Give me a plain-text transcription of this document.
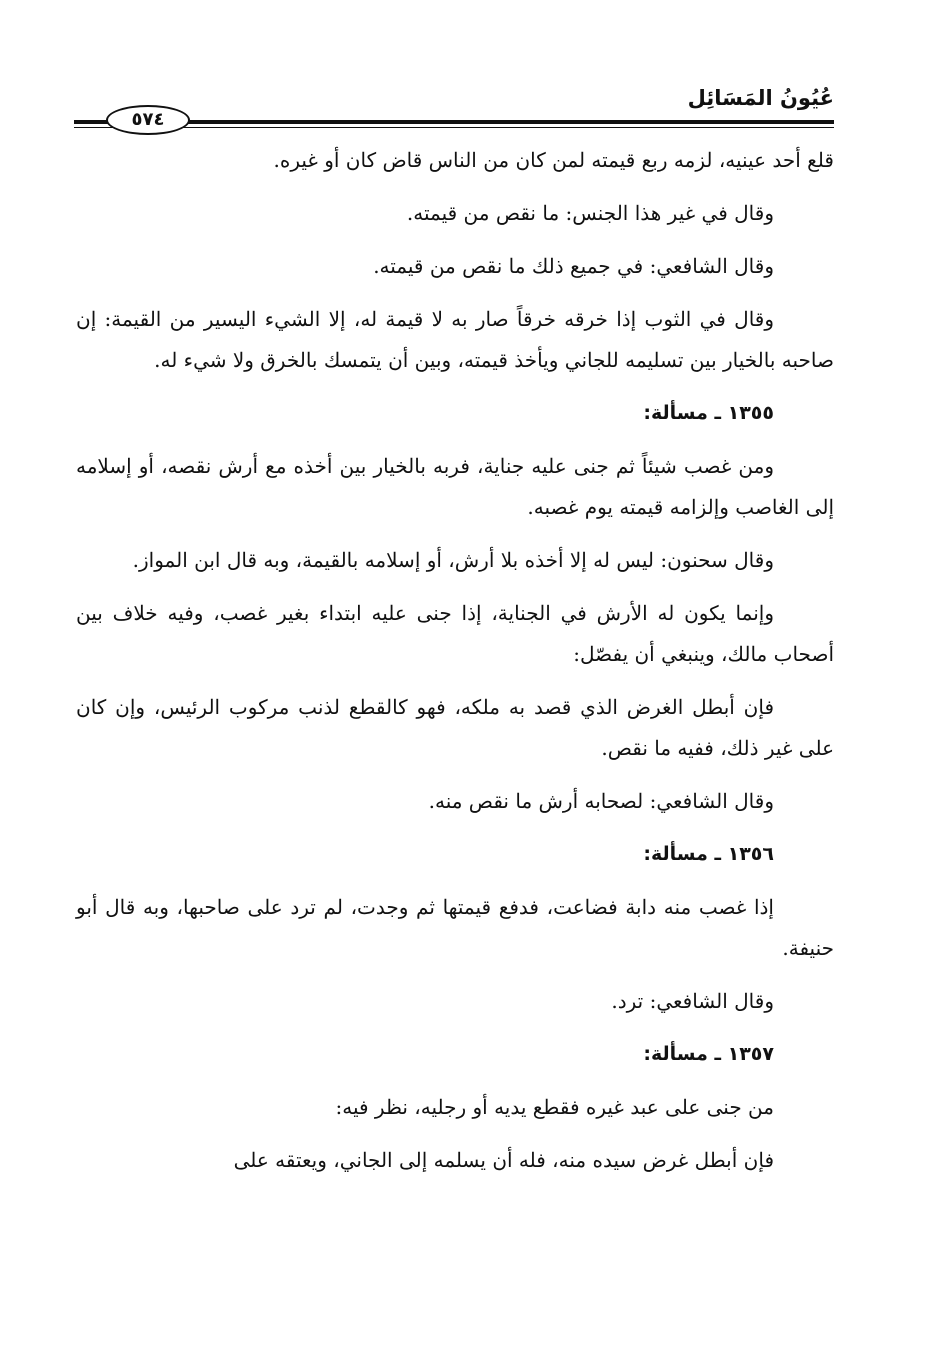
عُيُونُ المَسَائِل
٥٧٤

قلع أحد عينيه، لزمه ربع قيمته لمن كان من الناس قاض كان أو غيره.

وقال في غير هذا الجنس: ما نقص من قيمته.

وقال الشافعي: في جميع ذلك ما نقص من قيمته.

وقال في الثوب إذا خرقه خرقاً صار به لا قيمة له، إلا الشيء اليسير من القيمة: إن صاحبه بالخيار بين تسليمه للجاني ويأخذ قيمته، وبين أن يتمسك بالخرق ولا شيء له.

١٣٥٥ ـ مسألة:

ومن غصب شيئاً ثم جنى عليه جناية، فربه بالخيار بين أخذه مع أرش نقصه، أو إسلامه إلى الغاصب وإلزامه قيمته يوم غصبه.

وقال سحنون: ليس له إلا أخذه بلا أرش، أو إسلامه بالقيمة، وبه قال ابن المواز.

وإنما يكون له الأرش في الجناية، إذا جنى عليه ابتداء بغير غصب، وفيه خلاف بين أصحاب مالك، وينبغي أن يفصّل:

فإن أبطل الغرض الذي قصد به ملكه، فهو كالقطع لذنب مركوب الرئيس، وإن كان على غير ذلك، ففيه ما نقص.

وقال الشافعي: لصحابه أرش ما نقص منه.

١٣٥٦ ـ مسألة:

إذا غصب منه دابة فضاعت، فدفع قيمتها ثم وجدت، لم ترد على صاحبها، وبه قال أبو حنيفة.

وقال الشافعي: ترد.

١٣٥٧ ـ مسألة:

من جنى على عبد غيره فقطع يديه أو رجليه، نظر فيه:

فإن أبطل غرض سيده منه، فله أن يسلمه إلى الجاني، ويعتقه على
